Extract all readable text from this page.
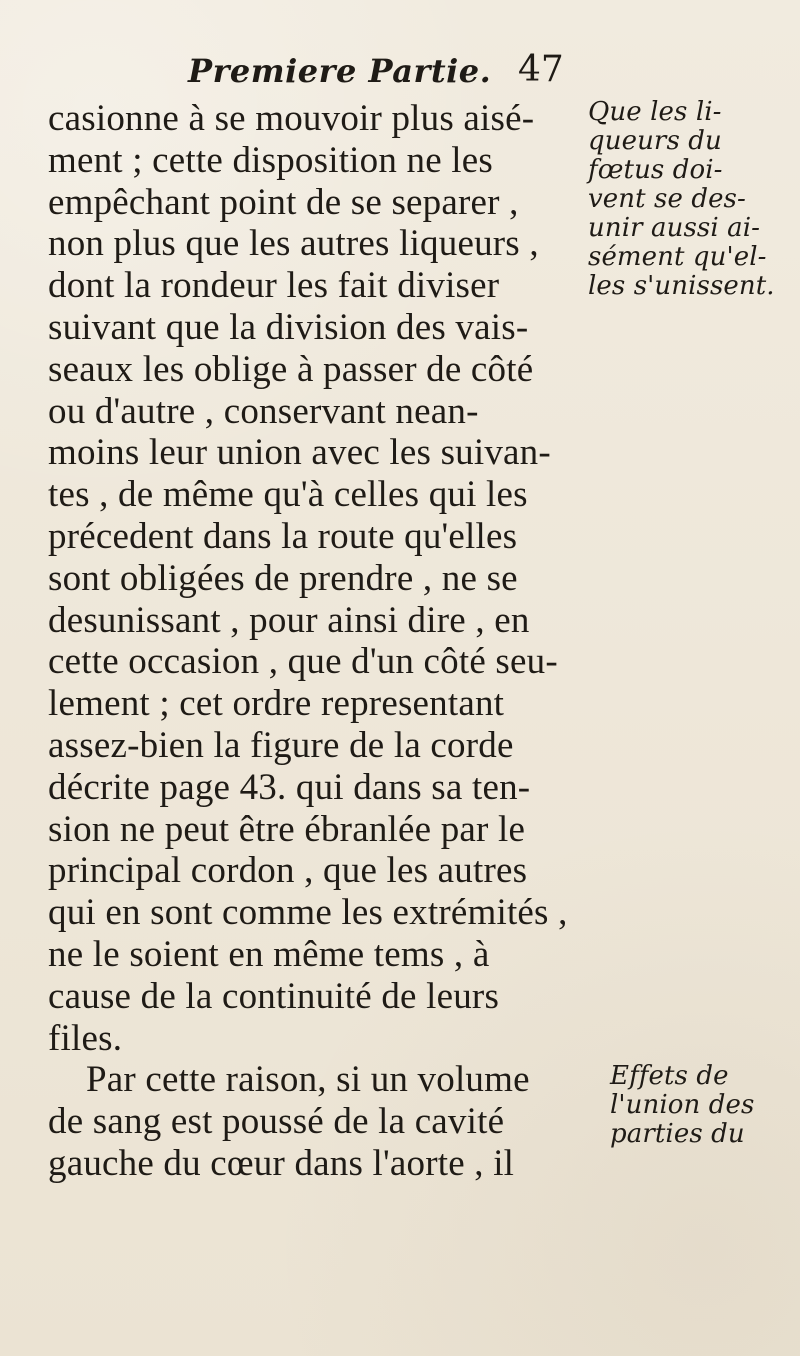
Premiere Partie. 47
casionne à se mouvoir plus aisé-
ment ; cette disposition ne les
empêchant point de se separer ,
non plus que les autres liqueurs ,
dont la rondeur les fait diviser
suivant que la division des vais-
seaux les oblige à passer de côté
ou d'autre , conservant nean-
moins leur union avec les suivan-
tes , de même qu'à celles qui les
précedent dans la route qu'elles
sont obligées de prendre , ne se
desunissant , pour ainsi dire , en
cette occasion , que d'un côté seu-
lement ; cet ordre representant
assez-bien la figure de la corde
décrite page 43. qui dans sa ten-
sion ne peut être ébranlée par le
principal cordon , que les autres
qui en sont comme les extrémités ,
ne le soient en même tems , à
cause de la continuité de leurs
files.
Par cette raison, si un volume
de sang est poussé de la cavité
gauche du cœur dans l'aorte , il
Que les li-
queurs du
fœtus doi-
vent se des-
unir aussi ai-
sément qu'el-
les s'unissent.
Effets de
l'union des
parties du
